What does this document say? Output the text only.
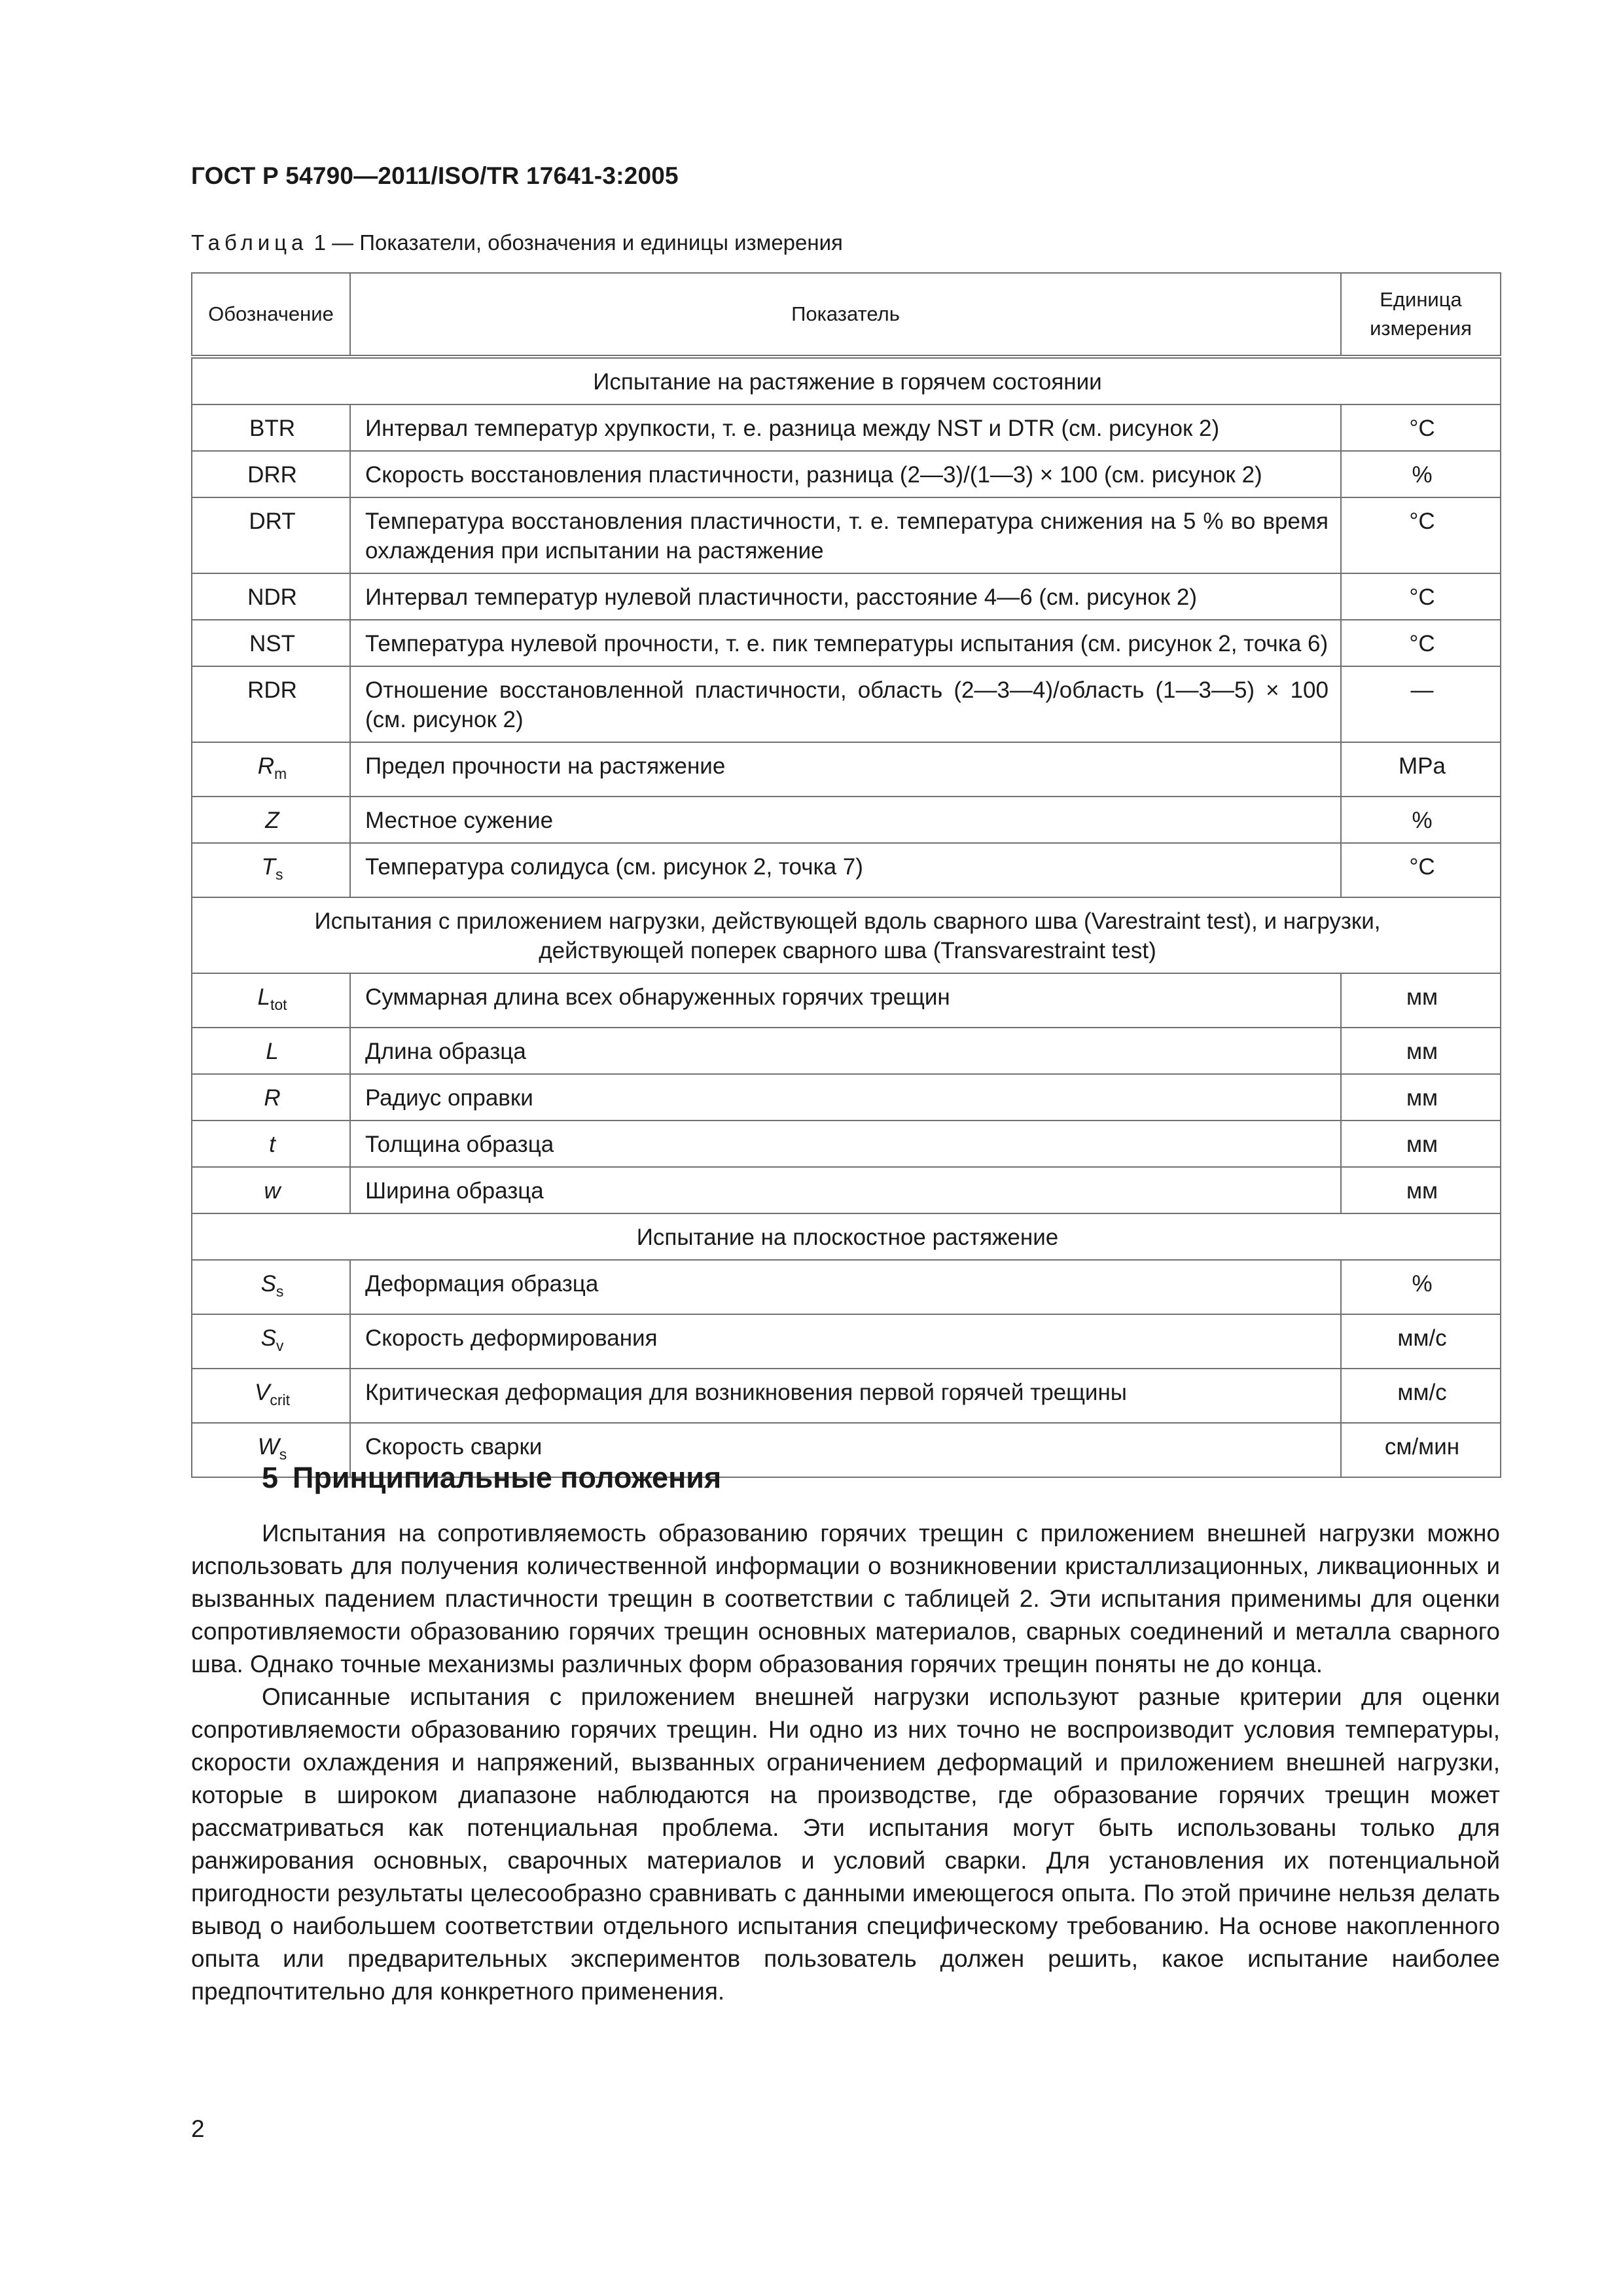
ГОСТ Р 54790—2011/ISO/TR 17641-3:2005
Таблица 1 — Показатели, обозначения и единицы измерения
Обозначение	Показатель	Единица
измерения
Испытание на растяжение в горячем состоянии		
BTR	Интервал температур хрупкости, т. е. разница между NST и DTR (см. рисунок 2)	°C
DRR	Скорость восстановления пластичности, разница (2—3)/(1—3) × 100 (см. рисунок 2)	%
DRT	Температура восстановления пластичности, т. е. температура снижения на 5 % во время охлаждения при испытании на растяжение	°C
NDR	Интервал температур нулевой пластичности, расстояние 4—6 (см. рисунок 2)	°C
NST	Температура нулевой прочности, т. е. пик температуры испытания (см. рисунок 2, точка 6)	°C
RDR	Отношение восстановленной пластичности, область (2—3—4)/область (1—3—5) × 100 (см. рисунок 2)	—
$R_m$	Предел прочности на растяжение	MPa
Z	Местное сужение	%
$T_s$	Температура солидуса (см. рисунок 2, точка 7)	°C
Испытания с приложением нагрузки, действующей вдоль сварного шва (Varestraint test), и нагрузки,
действующей поперек сварного шва (Transvarestraint test)		
$L_{tot}$	Суммарная длина всех обнаруженных горячих трещин	мм
L	Длина образца	мм
R	Радиус оправки	мм
t	Толщина образца	мм
w	Ширина образца	мм
Испытание на плоскостное растяжение		
$S_s$	Деформация образца	%
$S_v$	Скорость деформирования	мм/с
$V_{crit}$	Критическая деформация для возникновения первой горячей трещины	мм/с
$W_s$	Скорость сварки	см/мин
5 Принципиальные положения

Испытания на сопротивляемость образованию горячих трещин с приложением внешней нагрузки можно использовать для получения количественной информации о возникновении кристаллизационных, ликвационных и вызванных падением пластичности трещин в соответствии с таблицей 2. Эти испытания применимы для оценки сопротивляемости образованию горячих трещин основных материалов, сварных соединений и металла сварного шва. Однако точные механизмы различных форм образования горячих трещин поняты не до конца.

Описанные испытания с приложением внешней нагрузки используют разные критерии для оценки сопротивляемости образованию горячих трещин. Ни одно из них точно не воспроизводит условия температуры, скорости охлаждения и напряжений, вызванных ограничением деформаций и приложением внешней нагрузки, которые в широком диапазоне наблюдаются на производстве, где образование горячих трещин может рассматриваться как потенциальная проблема. Эти испытания могут быть использованы только для ранжирования основных, сварочных материалов и условий сварки. Для установления их потенциальной пригодности результаты целесообразно сравнивать с данными имеющегося опыта. По этой причине нельзя делать вывод о наибольшем соответствии отдельного испытания специфическому требованию. На основе накопленного опыта или предварительных экспериментов пользователь должен решить, какое испытание наиболее предпочтительно для конкретного применения.

2
